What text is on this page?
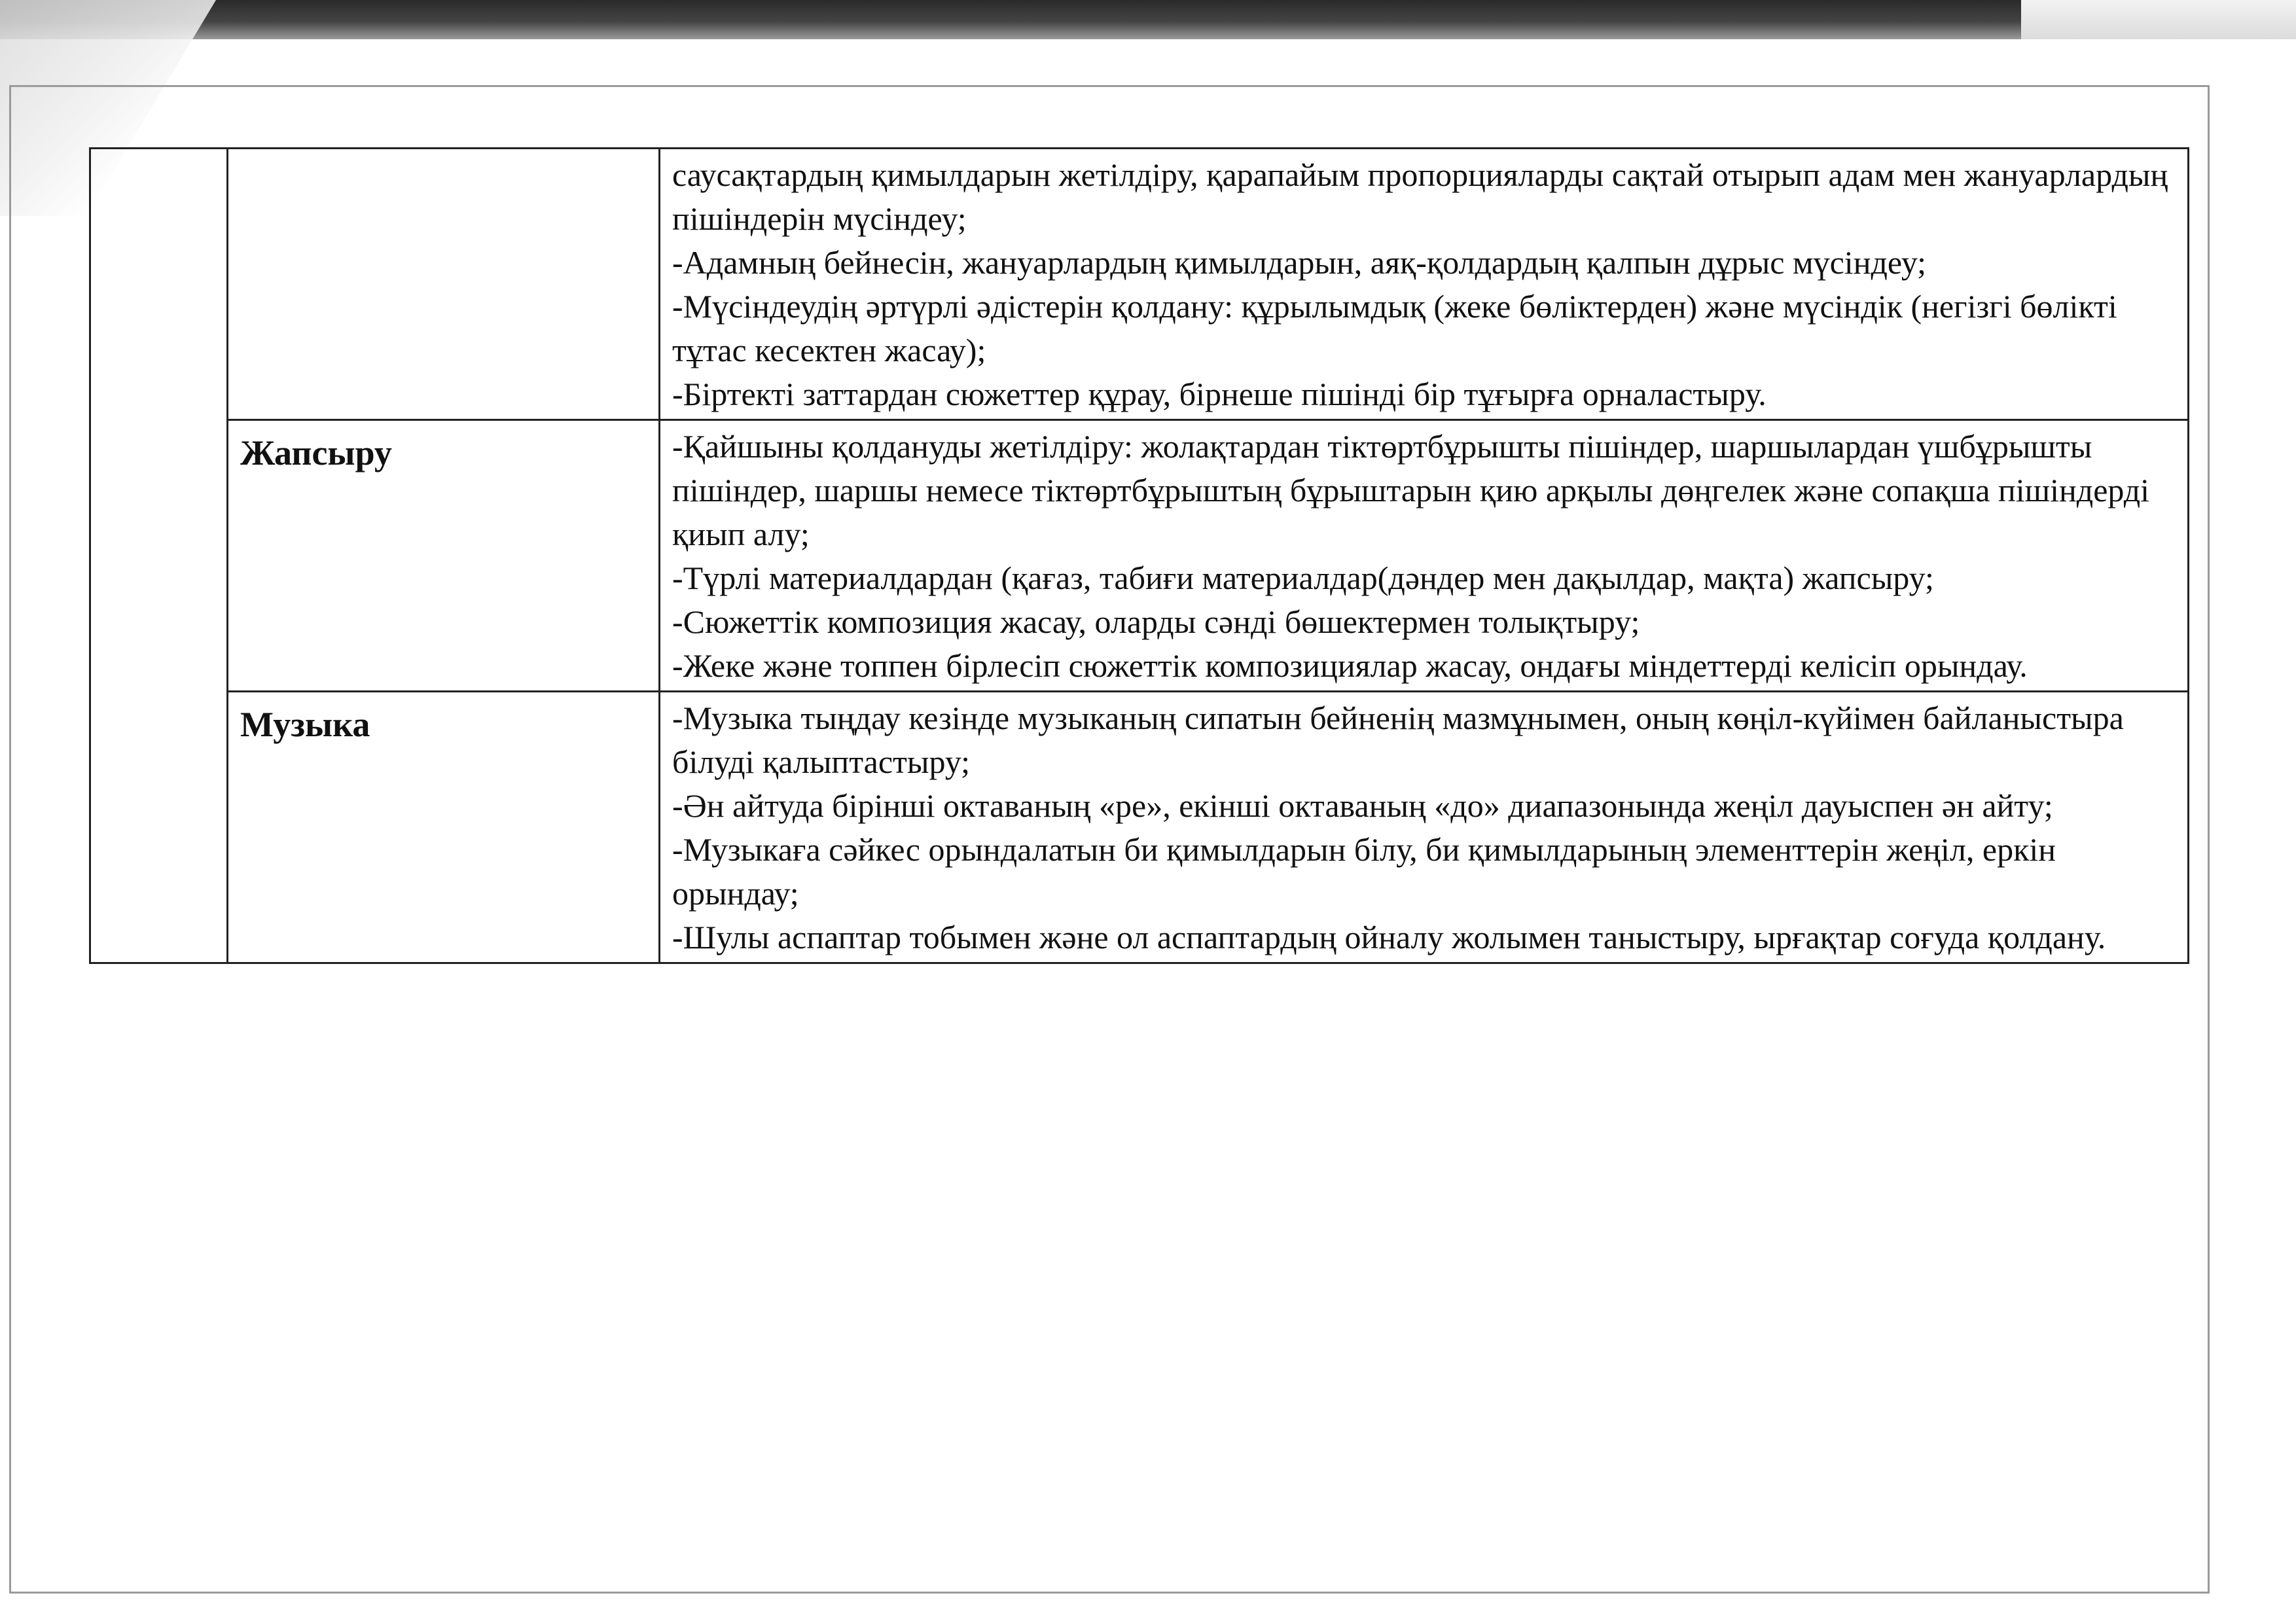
		саусақтардың қимылдарын жетілдіру, қарапайым пропорцияларды сақтай отырып адам мен жануарлардың пішіндерін мүсіндеу;
-Адамның бейнесін, жануарлардың қимылдарын, аяқ-қолдардың қалпын дұрыс мүсіндеу;
-Мүсіндеудің әртүрлі әдістерін қолдану: құрылымдық (жеке бөліктерден) және мүсіндік (негізгі бөлікті тұтас кесектен жасау);
-Біртекті заттардан сюжеттер құрау, бірнеше пішінді бір тұғырға орналастыру.

	Жапсыру	-Қайшыны қолдануды жетілдіру: жолақтардан тіктөртбұрышты пішіндер, шаршылардан үшбұрышты пішіндер, шаршы немесе тіктөртбұрыштың бұрыштарын қию арқылы дөңгелек және сопақша пішіндерді қиып алу;
-Түрлі материалдардан (қағаз, табиғи материалдар(дәндер мен дақылдар, мақта) жапсыру;
-Сюжеттік композиция жасау, оларды сәнді бөшектермен толықтыру;
-Жеке және топпен бірлесіп сюжеттік композициялар жасау, ондағы міндеттерді келісіп орындау.

	Музыка	-Музыка тыңдау кезінде музыканың сипатын бейненің мазмұнымен, оның көңіл-күйімен байланыстыра білуді қалыптастыру;
-Ән айтуда бірінші октаваның «ре», екінші октаваның «до» диапазонында жеңіл дауыспен ән айту;
-Музыкаға сәйкес орындалатын би қимылдарын білу, би қимылдарының элементтерін жеңіл, еркін орындау;
-Шулы аспаптар тобымен және ол аспаптардың ойналу жолымен таныстыру, ырғақтар соғуда қолдану.
